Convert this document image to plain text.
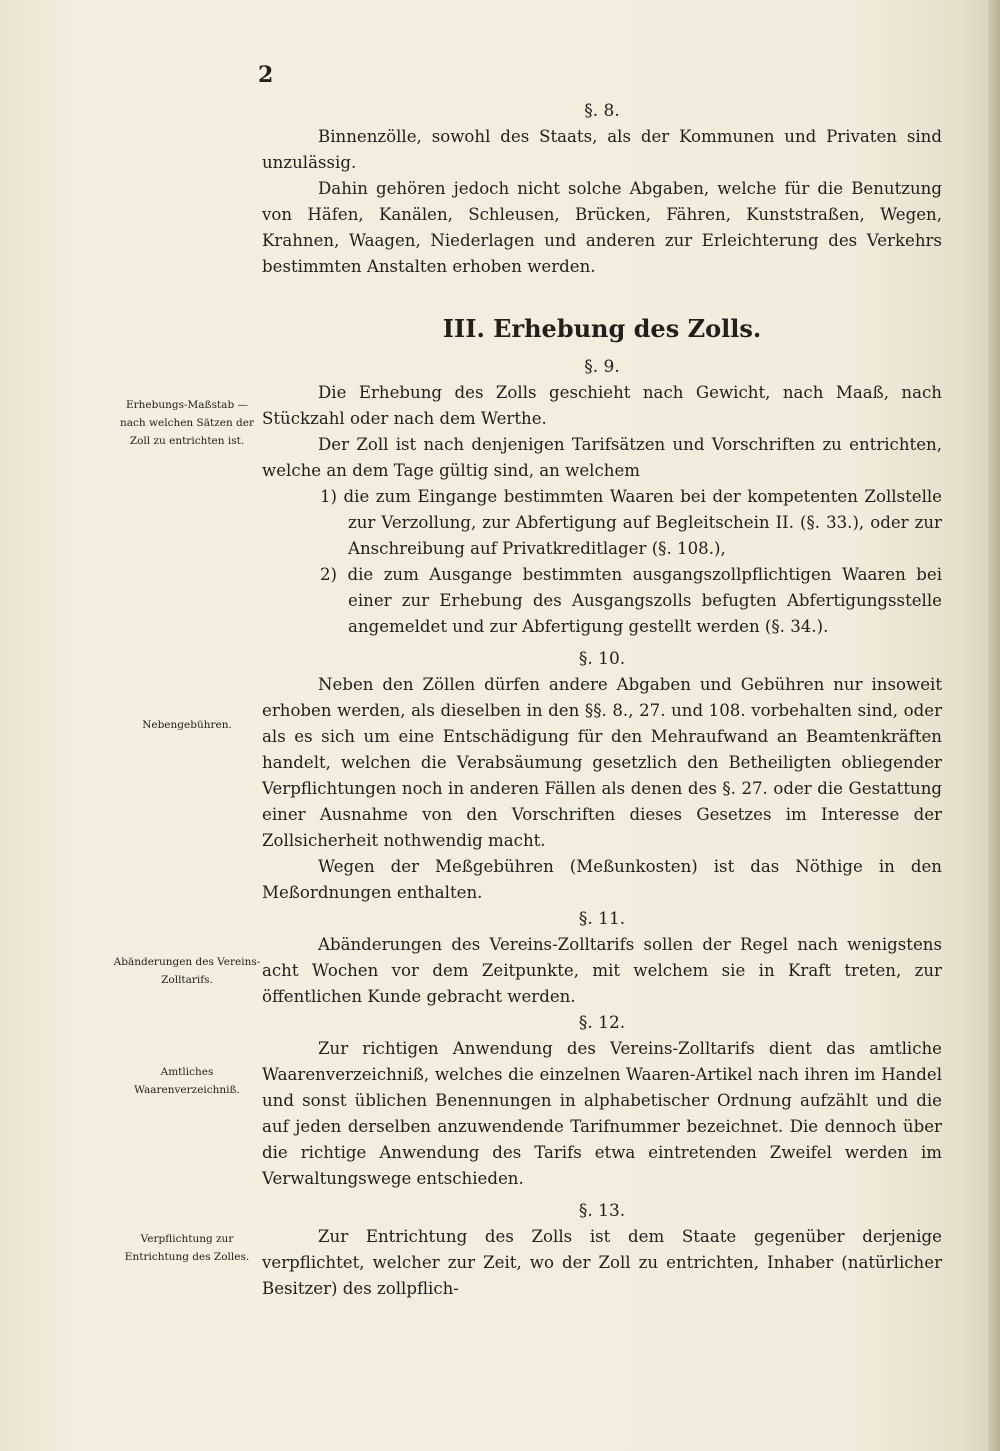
2

Erhebungs-Maßstab —
nach welchen Sätzen der Zoll zu entrichten ist.

Nebengebühren.

Abänderungen des Vereins-Zolltarifs.

Amtliches Waarenverzeichniß.

Verpflichtung zur Entrichtung des Zolles.

§. 8.

Binnenzölle, sowohl des Staats, als der Kommunen und Privaten sind unzulässig.

Dahin gehören jedoch nicht solche Abgaben, welche für die Benutzung von Häfen, Kanälen, Schleusen, Brücken, Fähren, Kunststraßen, Wegen, Krahnen, Waagen, Niederlagen und anderen zur Erleichterung des Verkehrs bestimmten Anstalten erhoben werden.

III. Erhebung des Zolls.

§. 9.

Die Erhebung des Zolls geschieht nach Gewicht, nach Maaß, nach Stückzahl oder nach dem Werthe.

Der Zoll ist nach denjenigen Tarifsätzen und Vorschriften zu entrichten, welche an dem Tage gültig sind, an welchem

1) die zum Eingange bestimmten Waaren bei der kompetenten Zollstelle zur Verzollung, zur Abfertigung auf Begleitschein II. (§. 33.), oder zur Anschreibung auf Privatkreditlager (§. 108.),

2) die zum Ausgange bestimmten ausgangszollpflichtigen Waaren bei einer zur Erhebung des Ausgangszolls befugten Abfertigungsstelle angemeldet und zur Abfertigung gestellt werden (§. 34.).

§. 10.

Neben den Zöllen dürfen andere Abgaben und Gebühren nur insoweit erhoben werden, als dieselben in den §§. 8., 27. und 108. vorbehalten sind, oder als es sich um eine Entschädigung für den Mehraufwand an Beamtenkräften handelt, welchen die Verabsäumung gesetzlich den Betheiligten obliegender Verpflichtungen noch in anderen Fällen als denen des §. 27. oder die Gestattung einer Ausnahme von den Vorschriften dieses Gesetzes im Interesse der Zollsicherheit nothwendig macht.

Wegen der Meßgebühren (Meßunkosten) ist das Nöthige in den Meßordnungen enthalten.

§. 11.

Abänderungen des Vereins-Zolltarifs sollen der Regel nach wenigstens acht Wochen vor dem Zeitpunkte, mit welchem sie in Kraft treten, zur öffentlichen Kunde gebracht werden.

§. 12.

Zur richtigen Anwendung des Vereins-Zolltarifs dient das amtliche Waarenverzeichniß, welches die einzelnen Waaren-Artikel nach ihren im Handel und sonst üblichen Benennungen in alphabetischer Ordnung aufzählt und die auf jeden derselben anzuwendende Tarifnummer bezeichnet. Die dennoch über die richtige Anwendung des Tarifs etwa eintretenden Zweifel werden im Verwaltungswege entschieden.

§. 13.

Zur Entrichtung des Zolls ist dem Staate gegenüber derjenige verpflichtet, welcher zur Zeit, wo der Zoll zu entrichten, Inhaber (natürlicher Besitzer) des zollpflich-
